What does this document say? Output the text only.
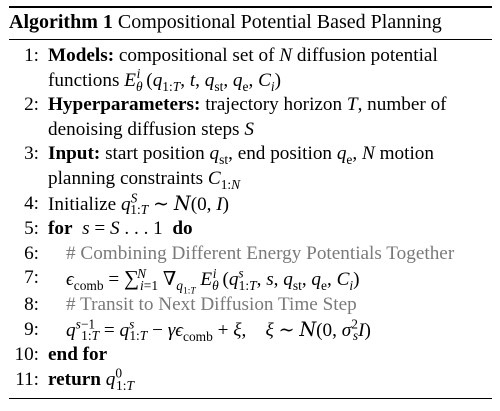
Algorithm 1 Compositional Potential Based Planning
1: Models: compositional set of N diffusion potential
functions $E_\theta^i$ ($q_{1:T}$, t, $q_{st}$, $q_e$, $C_i$)
2: Hyperparameters: trajectory horizon T, number of
denoising diffusion steps S
3: Input: start position $q_{st}$, end position $q_e$, N motion
planning constraints $C_{1:N}$
4: Initialize $q^S_{1:T}$ ∼ N(0, I)
5: for s = S . . . 1  do
6: # Combining Different Energy Potentials Together
7: $\epsilon_{comb} = \sum^N_{i=1}$ $\nabla_{q_{1:T}}$ $E_\theta^i$ ($q^s_{1:T}$, s, $q_{st}$, $q_e$, $C_i$)
8: # Transit to Next Diffusion Time Step
9: $q^{s-1}_{1:T} = q^s_{1:T} - \gamma\epsilon_{comb} + \xi$,    ξ ∼ N(0, $\sigma^2_sI$)
10: end for
11: return $q^0_{1:T}$
